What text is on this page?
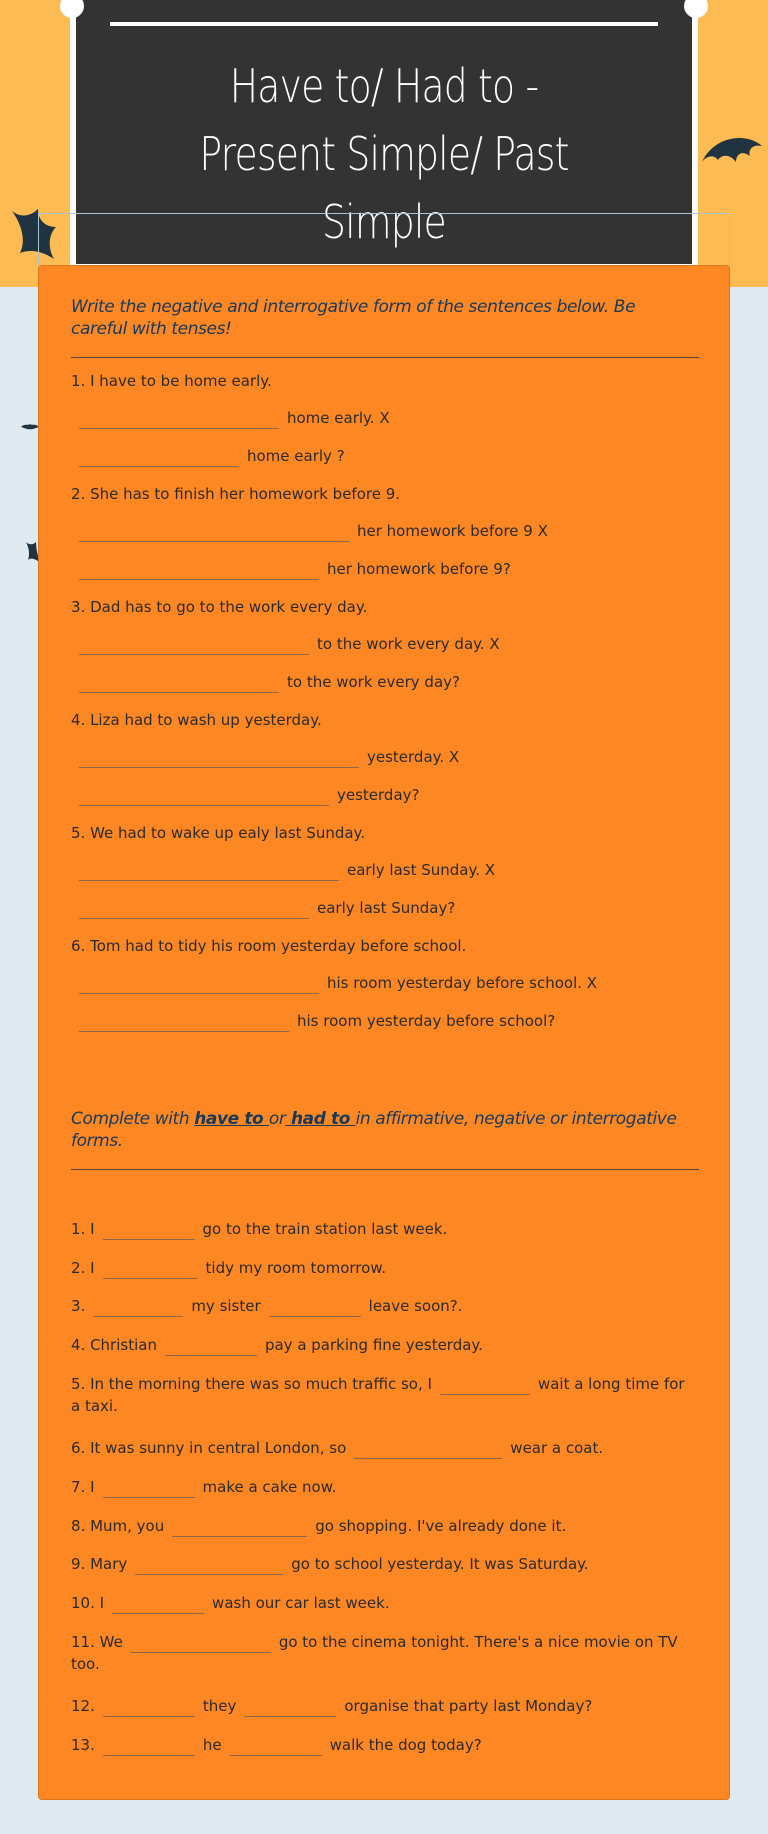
Have to/ Had to -
Present Simple/ Past
Simple

Write the negative and interrogative form of the sentences below. Be careful with tenses!

1. I have to be home early.

home early. X

home early ?

2. She has to finish her homework before 9.

her homework before 9 X

her homework before 9?

3. Dad has to go to the work every day.

to the work every day. X

to the work every day?

4. Liza had to wash up yesterday.

yesterday. X

yesterday?

5. We had to wake up ealy last Sunday.

early last Sunday. X

early last Sunday?

6. Tom had to tidy his room yesterday before school.

his room yesterday before school. X

his room yesterday before school?

Complete with have to or had to in affirmative, negative or interrogative forms.

1. I	go to the train station last week.

2. I	tidy my room tomorrow.

3.	my sister	leave soon?.

4. Christian	pay a parking fine yesterday.

5. In the morning there was so much traffic so, I	wait a long time for a taxi.

6. It was sunny in central London, so	wear a coat.

7. I	make a cake now.

8. Mum, you	go shopping. I've already done it.

9. Mary	go to school yesterday. It was Saturday.

10. I	wash our car last week.

11. We	go to the cinema tonight. There's a nice movie on TV too.

12.	they	organise that party last Monday?

13.	he	walk the dog today?
